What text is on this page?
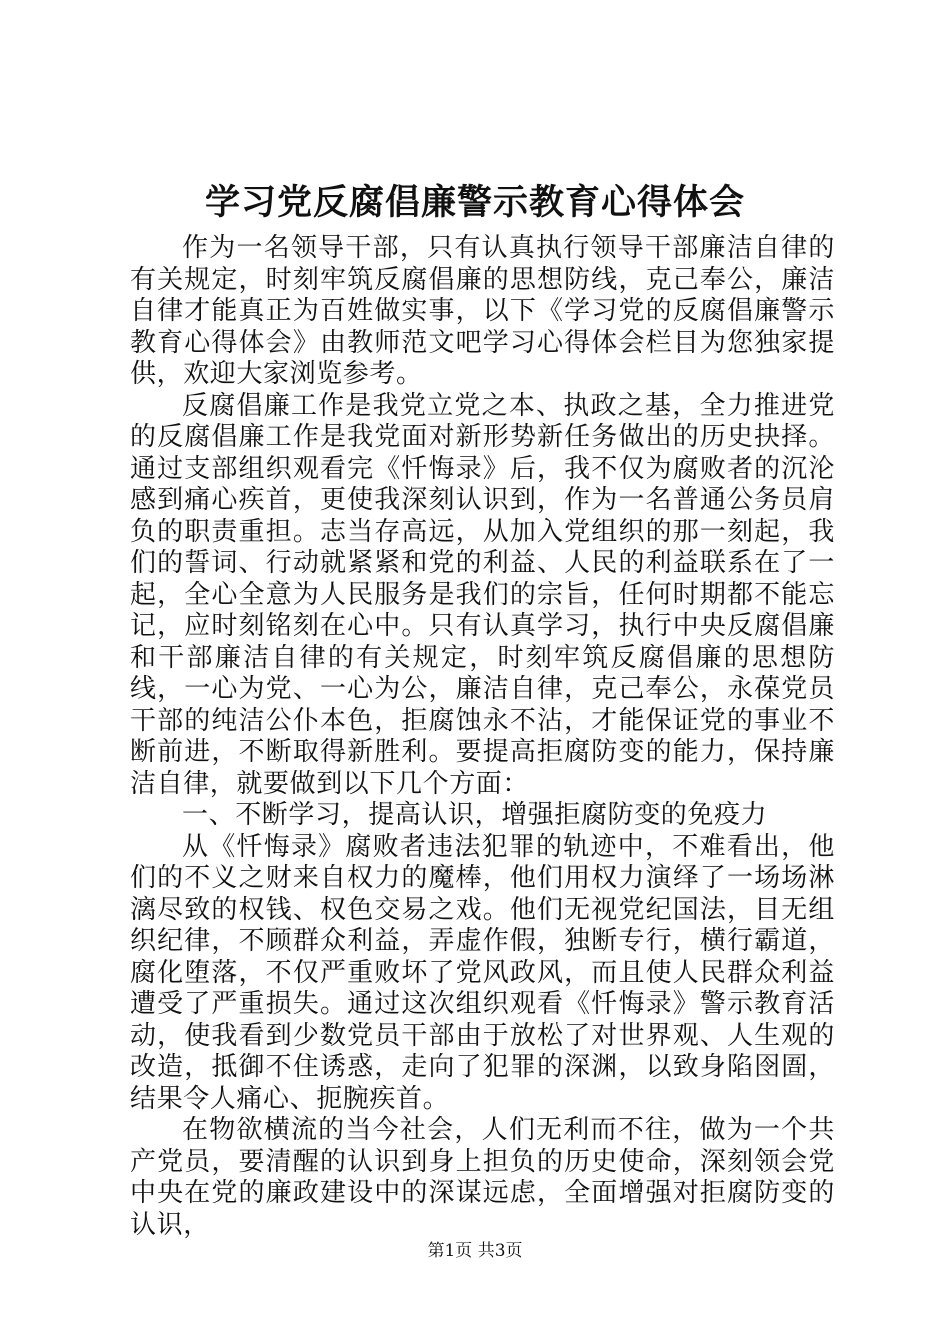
学习党反腐倡廉警示教育心得体会

作为一名领导干部，只有认真执行领导干部廉洁自律的有关规定，时刻牢筑反腐倡廉的思想防线，克己奉公，廉洁自律才能真正为百姓做实事，以下《学习党的反腐倡廉警示教育心得体会》由教师范文吧学习心得体会栏目为您独家提供，欢迎大家浏览参考。

反腐倡廉工作是我党立党之本、执政之基，全力推进党的反腐倡廉工作是我党面对新形势新任务做出的历史抉择。通过支部组织观看完《忏悔录》后，我不仅为腐败者的沉沦感到痛心疾首，更使我深刻认识到，作为一名普通公务员肩负的职责重担。志当存高远，从加入党组织的那一刻起，我们的誓词、行动就紧紧和党的利益、人民的利益联系在了一起，全心全意为人民服务是我们的宗旨，任何时期都不能忘记，应时刻铭刻在心中。只有认真学习，执行中央反腐倡廉和干部廉洁自律的有关规定，时刻牢筑反腐倡廉的思想防线，一心为党、一心为公，廉洁自律，克己奉公，永葆党员干部的纯洁公仆本色，拒腐蚀永不沾，才能保证党的事业不断前进，不断取得新胜利。要提高拒腐防变的能力，保持廉洁自律，就要做到以下几个方面：

一、不断学习，提高认识，增强拒腐防变的免疫力

从《忏悔录》腐败者违法犯罪的轨迹中，不难看出，他们的不义之财来自权力的魔棒，他们用权力演绎了一场场淋漓尽致的权钱、权色交易之戏。他们无视党纪国法，目无组织纪律，不顾群众利益，弄虚作假，独断专行，横行霸道，腐化堕落，不仅严重败坏了党风政风，而且使人民群众利益遭受了严重损失。通过这次组织观看《忏悔录》警示教育活动，使我看到少数党员干部由于放松了对世界观、人生观的改造，抵御不住诱惑，走向了犯罪的深渊，以致身陷囹圄，结果令人痛心、扼腕疾首。

在物欲横流的当今社会，人们无利而不往，做为一个共产党员，要清醒的认识到身上担负的历史使命，深刻领会党中央在党的廉政建设中的深谋远虑，全面增强对拒腐防变的认识，

第1页 共3页
